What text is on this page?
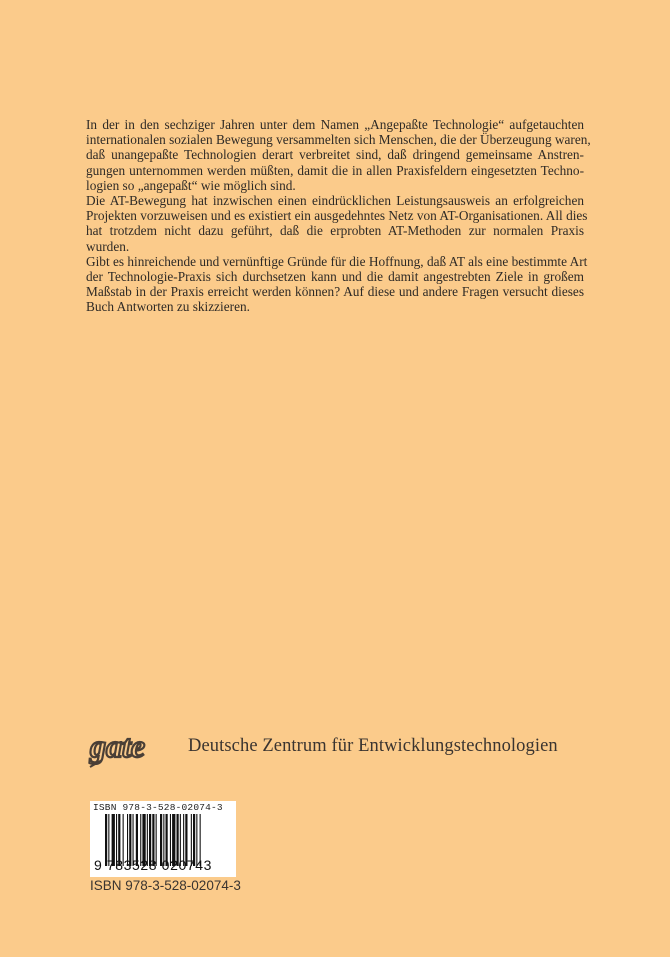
In der in den sechziger Jahren unter dem Namen „Angepaßte Technologie“ aufgetauchten
internationalen sozialen Bewegung versammelten sich Menschen, die der Überzeugung waren,
daß unangepaßte Technologien derart verbreitet sind, daß dringend gemeinsame Anstren-
gungen unternommen werden müßten, damit die in allen Praxisfeldern eingesetzten Techno-
logien so „angepaßt“ wie möglich sind.
Die AT-Bewegung hat inzwischen einen eindrücklichen Leistungsausweis an erfolgreichen
Projekten vorzuweisen und es existiert ein ausgedehntes Netz von AT-Organisationen. All dies
hat trotzdem nicht dazu geführt, daß die erprobten AT-Methoden zur normalen Praxis
wurden.
Gibt es hinreichende und vernünftige Gründe für die Hoffnung, daß AT als eine bestimmte Art
der Technologie-Praxis sich durchsetzen kann und die damit angestrebten Ziele in großem
Maßstab in der Praxis erreicht werden können? Auf diese und andere Fragen versucht dieses
Buch Antworten zu skizzieren.
gate Deutsche Zentrum für Entwicklungstechnologien
ISBN 978-3-528-02074-3
9 783528 020743
ISBN 978-3-528-02074-3
